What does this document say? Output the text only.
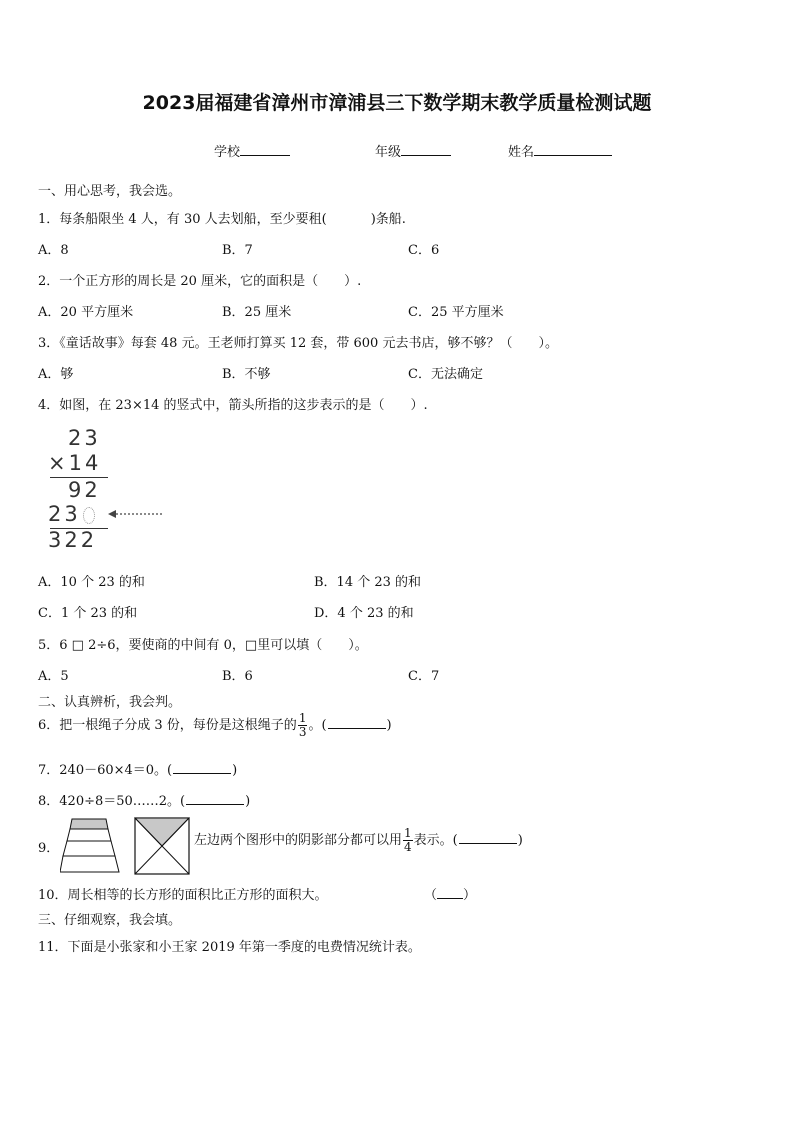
2023届福建省漳州市漳浦县三下数学期末教学质量检测试题
学校	年级	姓名
一、用心思考，我会选。
1．每条船限坐 4 人，有 30 人去划船，至少要租(	)条船.
A．8	B．7	C．6
2．一个正方形的周长是 20 厘米，它的面积是（　　）.
A．20 平方厘米	B．25 厘米	C．25 平方厘米
3．《童话故事》每套 48 元。王老师打算买 12 套，带 600 元去书店，够不够？（　　）。
A．够	B．不够	C．无法确定
4．如图，在 23×14 的竖式中，箭头所指的这步表示的是（　　）.
23
×14
92
23
322
A．10 个 23 的和	B．14 个 23 的和
C．1 个 23 的和	D．4 个 23 的和
5．6 □ 2÷6，要使商的中间有 0，□里可以填（　　）。
A．5	B．6	C．7
二、认真辨析，我会判。
6．把一根绳子分成 3 份，每份是这根绳子的 $\frac{1}{3}$ 。(	)
7．240－60×4＝0。(	)
8．420÷8＝50……2。(	)
9．
左边两个图形中的阴影部分都可以用 $\frac{1}{4}$ 表示。(	)
10．周长相等的长方形的面积比正方形的面积大。	（ ）
三、仔细观察，我会填。
11．下面是小张家和小王家 2019 年第一季度的电费情况统计表。
